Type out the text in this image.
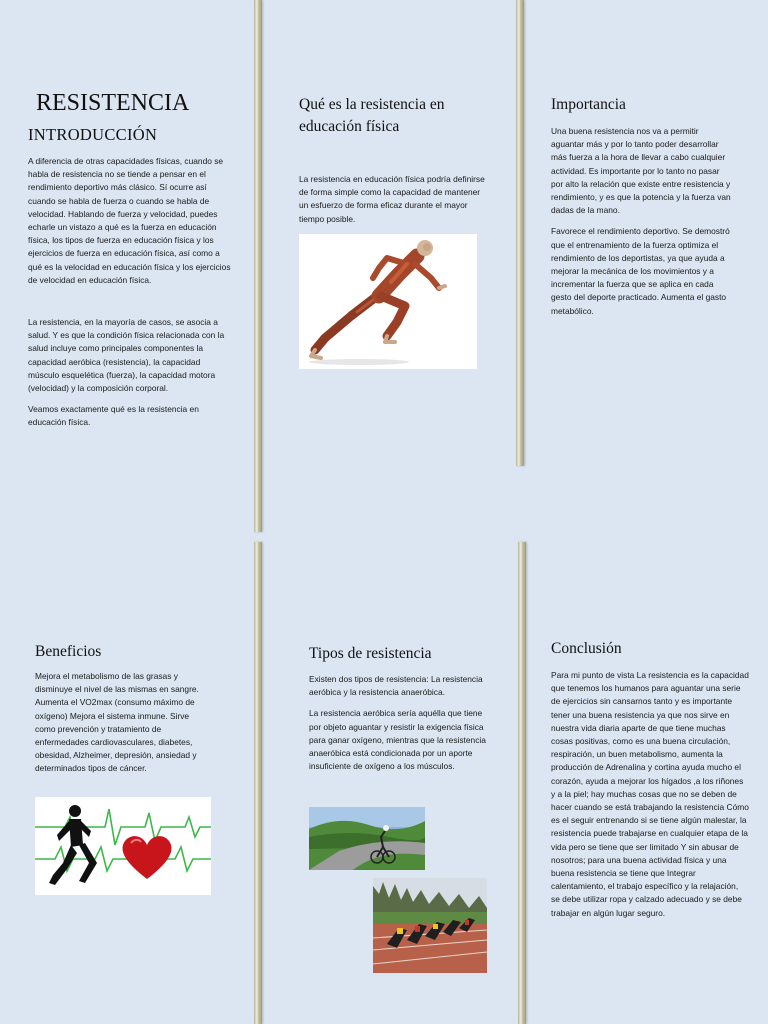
RESISTENCIA
INTRODUCCIÓN

A diferencia de otras capacidades físicas, cuando se habla de resistencia no se tiende a pensar en el rendimiento deportivo más clásico. Sí ocurre así cuando se habla de fuerza o cuando se habla de velocidad. Hablando de fuerza y velocidad, puedes echarle un vistazo a qué es la fuerza en educación física, los tipos de fuerza en educación física y los ejercicios de fuerza en educación física, así como a qué es la velocidad en educación física y los ejercicios de velocidad en educación física.

La resistencia, en la mayoría de casos, se asocia a salud. Y es que la condición física relacionada con la salud incluye como principales componentes la capacidad aeróbica (resistencia), la capacidad músculo esquelética (fuerza), la capacidad motora (velocidad) y la composición corporal.

Veamos exactamente qué es la resistencia en educación física.

Qué es la resistencia en educación física

La resistencia en educación física podría definirse de forma simple como la capacidad de mantener un esfuerzo de forma eficaz durante el mayor tiempo posible.

Importancia

Una buena resistencia nos va a permitir aguantar más y por lo tanto poder desarrollar más fuerza a la hora de llevar a cabo cualquier actividad. Es importante por lo tanto no pasar por alto la relación que existe entre resistencia y rendimiento, y es que la potencia y la fuerza van dadas de la mano.

Favorece el rendimiento deportivo. Se demostró que el entrenamiento de la fuerza optimiza el rendimiento de los deportistas, ya que ayuda a mejorar la mecánica de los movimientos y a incrementar la fuerza que se aplica en cada gesto del deporte practicado. Aumenta el gasto metabólico.

Beneficios

Mejora el metabolismo de las grasas y disminuye el nivel de las mismas en sangre. Aumenta el VO2max (consumo máximo de oxígeno) Mejora el sistema inmune. Sirve como prevención y tratamiento de enfermedades cardiovasculares, diabetes, obesidad, Alzheimer, depresión, ansiedad y determinados tipos de cáncer.

Tipos de resistencia

Existen dos tipos de resistencia: La resistencia aeróbica y la resistencia anaeróbica.

La resistencia aeróbica sería aquélla que tiene por objeto aguantar y resistir la exigencia física para ganar oxígeno, mientras que la resistencia anaeróbica está condicionada por un aporte insuficiente de oxígeno a los músculos.

Conclusión

Para mi punto de vista La resistencia es la capacidad que tenemos los humanos para aguantar una serie de ejercicios sin cansarnos tanto y es importante tener una buena resistencia ya que nos sirve en nuestra vida diaria aparte de que tiene muchas cosas positivas, como es una buena circulación, respiración, un buen metabolismo, aumenta la producción de Adrenalina y cortina ayuda mucho el corazón, ayuda a mejorar los hígados ,a los riñones y a la piel; hay muchas cosas que no se deben de hacer cuando se está trabajando la resistencia Cómo es el seguir entrenando si se tiene algún malestar, la resistencia puede trabajarse en cualquier etapa de la vida pero se tiene que ser limitado Y sin abusar de nosotros; para una buena actividad física y una buena resistencia se tiene que Integrar calentamiento, el trabajo específico y la relajación, se debe utilizar ropa y calzado adecuado y se debe trabajar en algún lugar seguro.
